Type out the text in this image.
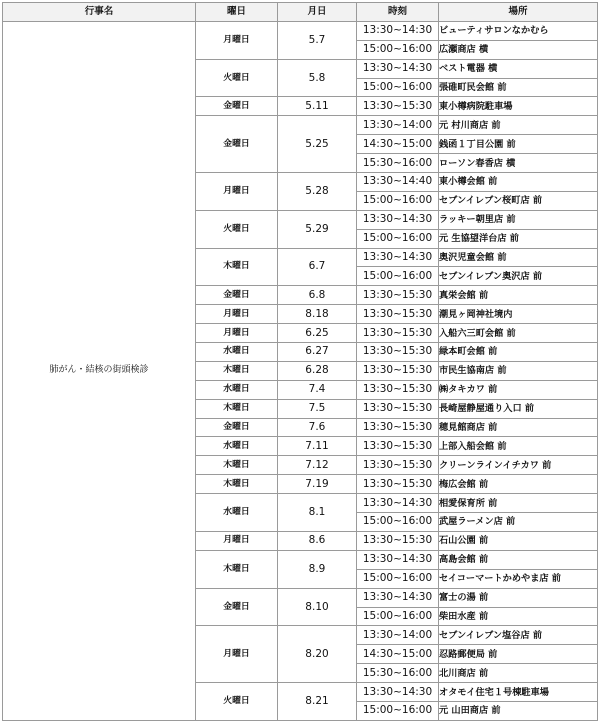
行事名	曜日	月日	時刻	場所
肺がん・結核の街頭検診	月曜日	5.7	13:30~14:30	ビューティサロンなかむら
			15:00~16:00	広瀬商店 横
	火曜日	5.8	13:30~14:30	ベスト電器 横
			15:00~16:00	張碓町民会館 前
	金曜日	5.11	13:30~15:30	東小樽病院駐車場
	金曜日	5.25	13:30~14:00	元 村川商店 前
			14:30~15:00	銭函１丁目公園 前
			15:30~16:00	ローソン春香店 横
	月曜日	5.28	13:30~14:40	東小樽会館 前
			15:00~16:00	セブンイレブン桜町店 前
	火曜日	5.29	13:30~14:30	ラッキー朝里店 前
			15:00~16:00	元 生協望洋台店 前
	木曜日	6.7	13:30~14:30	奥沢児童会館 前
			15:00~16:00	セブンイレブン奥沢店 前
	金曜日	6.8	13:30~15:30	真栄会館 前
	月曜日	8.18	13:30~15:30	潮見ヶ岡神社境内
	月曜日	6.25	13:30~15:30	入船六三町会館 前
	水曜日	6.27	13:30~15:30	緑本町会館 前
	木曜日	6.28	13:30~15:30	市民生協南店 前
	水曜日	7.4	13:30~15:30	㈱タキカワ 前
	木曜日	7.5	13:30~15:30	長崎屋静屋通り入口 前
	金曜日	7.6	13:30~15:30	穂見館商店 前
	水曜日	7.11	13:30~15:30	上部入船会館 前
	木曜日	7.12	13:30~15:30	クリーンラインイチカワ 前
	木曜日	7.19	13:30~15:30	梅広会館 前
	水曜日	8.1	13:30~14:30	相愛保育所 前
			15:00~16:00	武屋ラーメン店 前
	月曜日	8.6	13:30~15:30	石山公園 前
	木曜日	8.9	13:30~14:30	高島会館 前
			15:00~16:00	セイコーマートかめやま店 前
	金曜日	8.10	13:30~14:30	富士の湯 前
			15:00~16:00	柴田水産 前
	月曜日	8.20	13:30~14:00	セブンイレブン塩谷店 前
			14:30~15:00	忍路郵便局 前
			15:30~16:00	北川商店 前
	火曜日	8.21	13:30~14:30	オタモイ住宅１号棟駐車場
			15:00~16:00	元 山田商店 前
